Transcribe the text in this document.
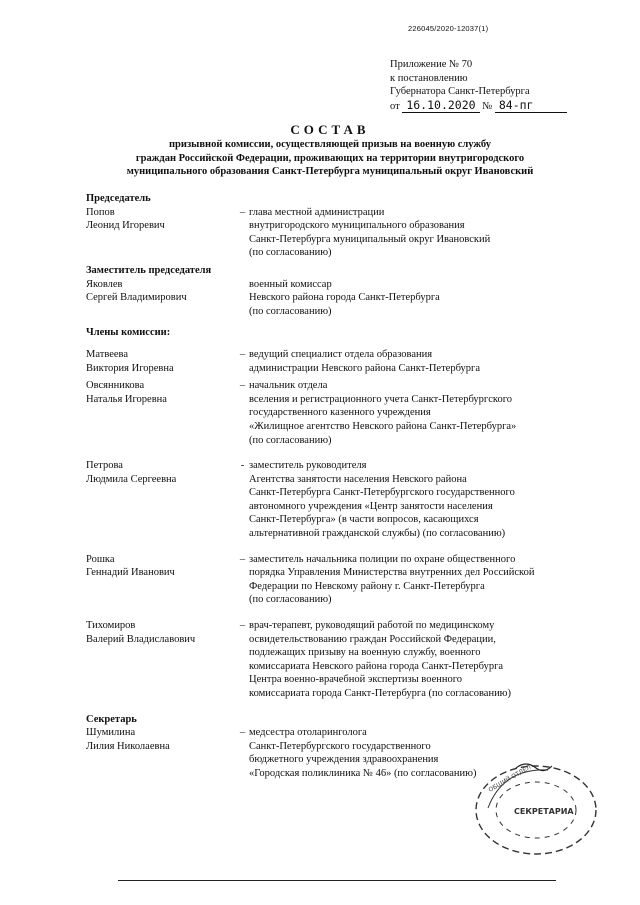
226045/2020-12037(1)
Приложение № 70
к постановлению
Губернатора Санкт-Петербурга
от 16.10.2020 № 84-пг
СОСТАВ
призывной комиссии, осуществляющей призыв на военную службу
граждан Российской Федерации, проживающих на территории внутригородского
муниципального образования Санкт-Петербурга муниципальный округ Ивановский
Председатель
Попов
Леонид Игоревич
– глава местной администрации
внутригородского муниципального образования
Санкт-Петербурга муниципальный округ Ивановский
(по согласованию)
Заместитель председателя
Яковлев
Сергей Владимирович
военный комиссар
Невского района города Санкт-Петербурга
(по согласованию)
Члены комиссии:
Матвеева
Виктория Игоревна
– ведущий специалист отдела образования
администрации Невского района Санкт-Петербурга
Овсянникова
Наталья Игоревна
– начальник отдела
вселения и регистрационного учета Санкт-Петербургского
государственного казенного учреждения
«Жилищное агентство Невского района Санкт-Петербурга»
(по согласованию)
Петрова
Людмила Сергеевна
- заместитель руководителя
Агентства занятости населения Невского района
Санкт-Петербурга Санкт-Петербургского государственного
автономного учреждения «Центр занятости населения
Санкт-Петербурга» (в части вопросов, касающихся
альтернативной гражданской службы) (по согласованию)
Рошка
Геннадий Иванович
– заместитель начальника полиции по охране общественного
порядка Управления Министерства внутренних дел Российской
Федерации по Невскому району г. Санкт-Петербурга
(по согласованию)
Тихомиров
Валерий Владиславович
– врач-терапевт, руководящий работой по медицинскому
освидетельствованию граждан Российской Федерации,
подлежащих призыву на военную службу, военного
комиссариата Невского района города Санкт-Петербурга
Центра военно-врачебной экспертизы военного
комиссариата города Санкт-Петербурга (по согласованию)
Секретарь
Шумилина
Лилия Николаевна
– медсестра отоларинголога
Санкт-Петербургского государственного
бюджетного учреждения здравоохранения
«Городская поликлиника № 46» (по согласованию)
СЕКРЕТАРИА
ОБЩИЙ ОТДЕЛ
